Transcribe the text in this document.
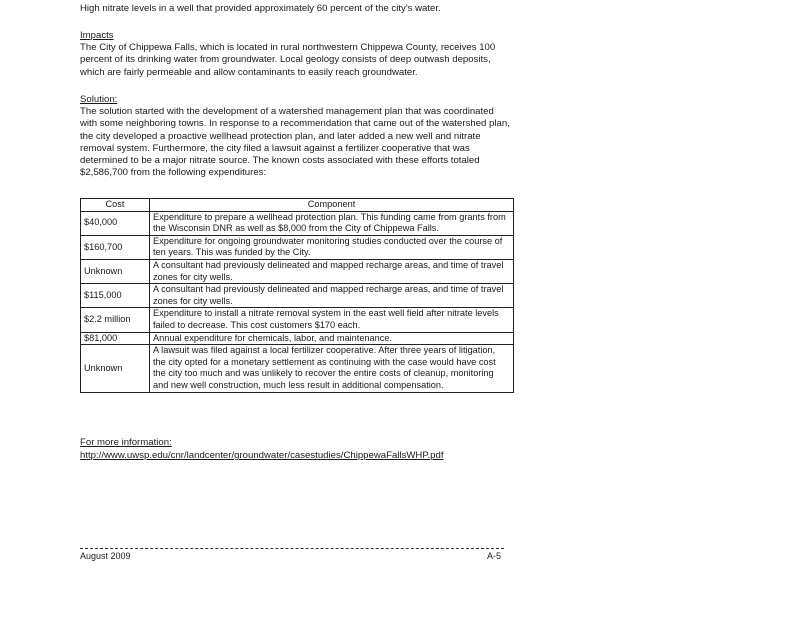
High nitrate levels in a well that provided approximately 60 percent of the city's water.
Impacts
The City of Chippewa Falls, which is located in rural northwestern Chippewa County, receives 100 percent of its drinking water from groundwater. Local geology consists of deep outwash deposits, which are fairly permeable and allow contaminants to easily reach groundwater.
Solution:
The solution started with the development of a watershed management plan that was coordinated with some neighboring towns. In response to a recommendation that came out of the watershed plan, the city developed a proactive wellhead protection plan, and later added a new well and nitrate removal system. Furthermore, the city filed a lawsuit against a fertilizer cooperative that was determined to be a major nitrate source. The known costs associated with these efforts totaled $2,586,700 from the following expenditures:
Cost	Component
$40,000	Expenditure to prepare a wellhead protection plan. This funding came from grants from the Wisconsin DNR as well as $8,000 from the City of Chippewa Falls.
$160,700	Expenditure for ongoing groundwater monitoring studies conducted over the course of ten years. This was funded by the City.
Unknown	A consultant had previously delineated and mapped recharge areas, and time of travel zones for city wells.
$115,000	A consultant had previously delineated and mapped recharge areas, and time of travel zones for city wells.
$2.2 million	Expenditure to install a nitrate removal system in the east well field after nitrate levels failed to decrease. This cost customers $170 each.
$81,000	Annual expenditure for chemicals, labor, and maintenance.
Unknown	A lawsuit was filed against a local fertilizer cooperative. After three years of litigation, the city opted for a monetary settlement as continuing with the case would have cost the city too much and was unlikely to recover the entire costs of cleanup, monitoring and new well construction, much less result in additional compensation.
For more information:
http://www.uwsp.edu/cnr/landcenter/groundwater/casestudies/ChippewaFallsWHP.pdf
August 2009	A-5
